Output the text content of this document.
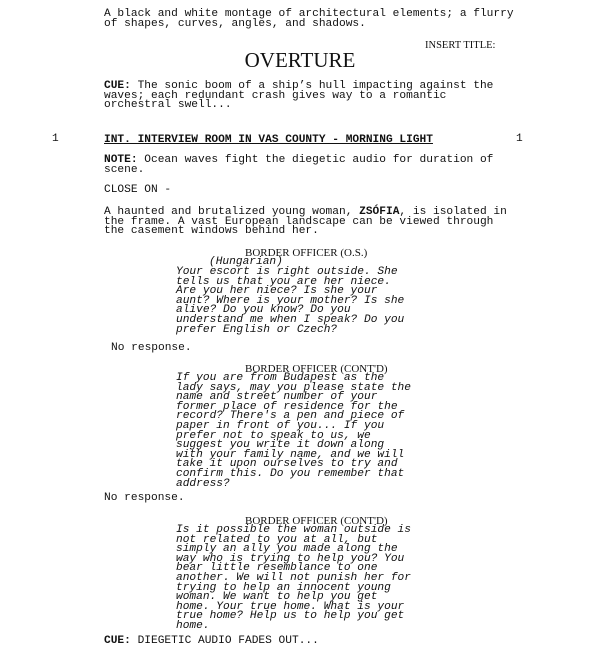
A black and white montage of architectural elements; a flurry
of shapes, curves, angles, and shadows.
INSERT TITLE:
OVERTURE
CUE: The sonic boom of a ship’s hull impacting against the
waves; each redundant crash gives way to a romantic
orchestral swell...
1	INT. INTERVIEW ROOM IN VAS COUNTY - MORNING LIGHT	1
NOTE: Ocean waves fight the diegetic audio for duration of
scene.
CLOSE ON -
A haunted and brutalized young woman, ZSÓFIA, is isolated in
the frame. A vast European landscape can be viewed through
the casement windows behind her.
BORDER OFFICER (O.S.)
(Hungarian)
Your escort is right outside. She
tells us that you are her niece.
Are you her niece? Is she your
aunt? Where is your mother? Is she
alive? Do you know? Do you
understand me when I speak? Do you
prefer English or Czech?
No response.
BORDER OFFICER (CONT'D)
If you are from Budapest as the
lady says, may you please state the
name and street number of your
former place of residence for the
record? There's a pen and piece of
paper in front of you... If you
prefer not to speak to us, we
suggest you write it down along
with your family name, and we will
take it upon ourselves to try and
confirm this. Do you remember that
address?
No response.
BORDER OFFICER (CONT'D)
Is it possible the woman outside is
not related to you at all, but
simply an ally you made along the
way who is trying to help you? You
bear little resemblance to one
another. We will not punish her for
trying to help an innocent young
woman. We want to help you get
home. Your true home. What is your
true home? Help us to help you get
home.
CUE: DIEGETIC AUDIO FADES OUT...
